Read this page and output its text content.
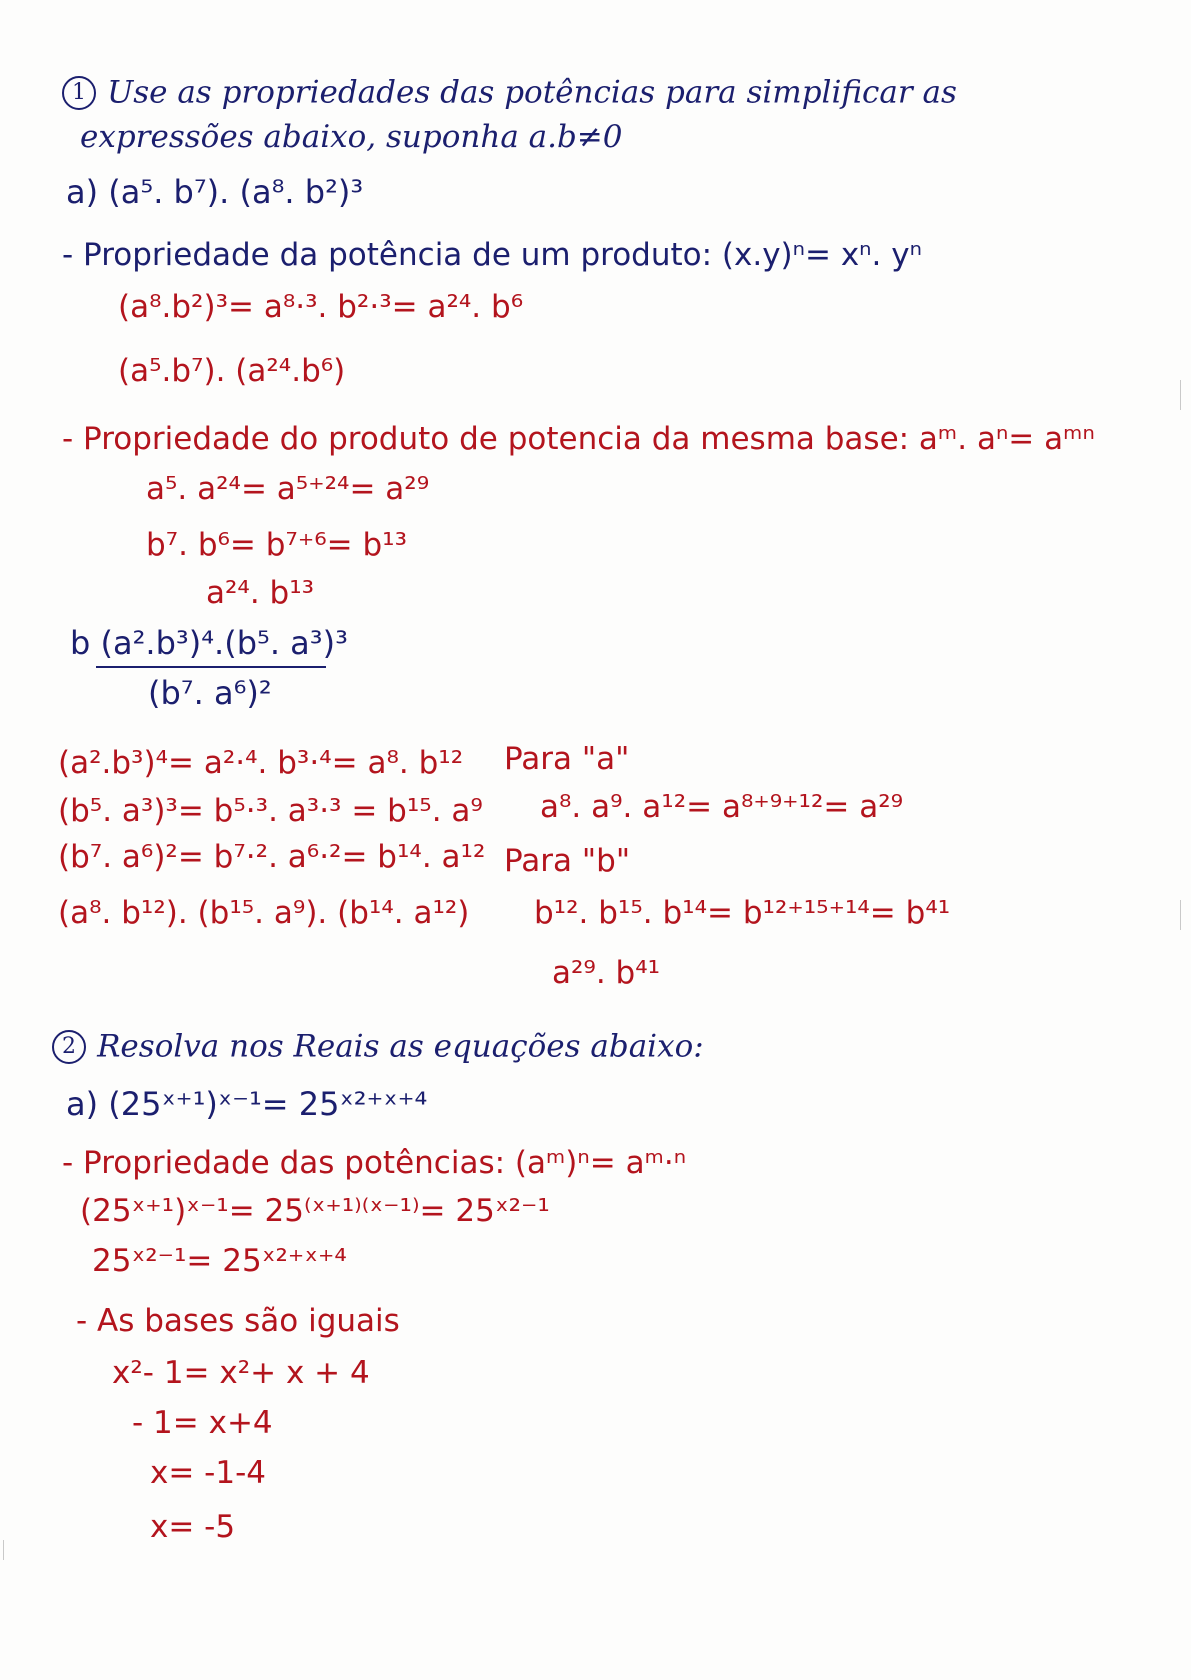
1 Use as propriedades das potências para simplificar as
expressões abaixo, suponha a.b≠0
a) (a⁵. b⁷). (a⁸. b²)³
- Propriedade da potência de um produto: (x.y)ⁿ= xⁿ. yⁿ
(a⁸.b²)³= a⁸·³. b²·³= a²⁴. b⁶
(a⁵.b⁷). (a²⁴.b⁶)
- Propriedade do produto de potencia da mesma base: aᵐ. aⁿ= aᵐⁿ
a⁵. a²⁴= a⁵⁺²⁴= a²⁹
b⁷. b⁶= b⁷⁺⁶= b¹³
a²⁴. b¹³
b (a².b³)⁴.(b⁵. a³)³
(b⁷. a⁶)²
(a².b³)⁴= a²·⁴. b³·⁴= a⁸. b¹²
(b⁵. a³)³= b⁵·³. a³·³ = b¹⁵. a⁹
(b⁷. a⁶)²= b⁷·². a⁶·²= b¹⁴. a¹²
(a⁸. b¹²). (b¹⁵. a⁹). (b¹⁴. a¹²)
Para "a"
a⁸. a⁹. a¹²= a⁸⁺⁹⁺¹²= a²⁹
Para "b"
b¹². b¹⁵. b¹⁴= b¹²⁺¹⁵⁺¹⁴= b⁴¹
a²⁹. b⁴¹
2 Resolva nos Reais as equações abaixo:
a) (25ˣ⁺¹)ˣ⁻¹= 25ˣ²⁺ˣ⁺⁴
- Propriedade das potências: (aᵐ)ⁿ= aᵐ·ⁿ
(25ˣ⁺¹)ˣ⁻¹= 25⁽ˣ⁺¹⁾⁽ˣ⁻¹⁾= 25ˣ²⁻¹
25ˣ²⁻¹= 25ˣ²⁺ˣ⁺⁴
- As bases são iguais
x²- 1= x²+ x + 4
- 1= x+4
x= -1-4
x= -5
